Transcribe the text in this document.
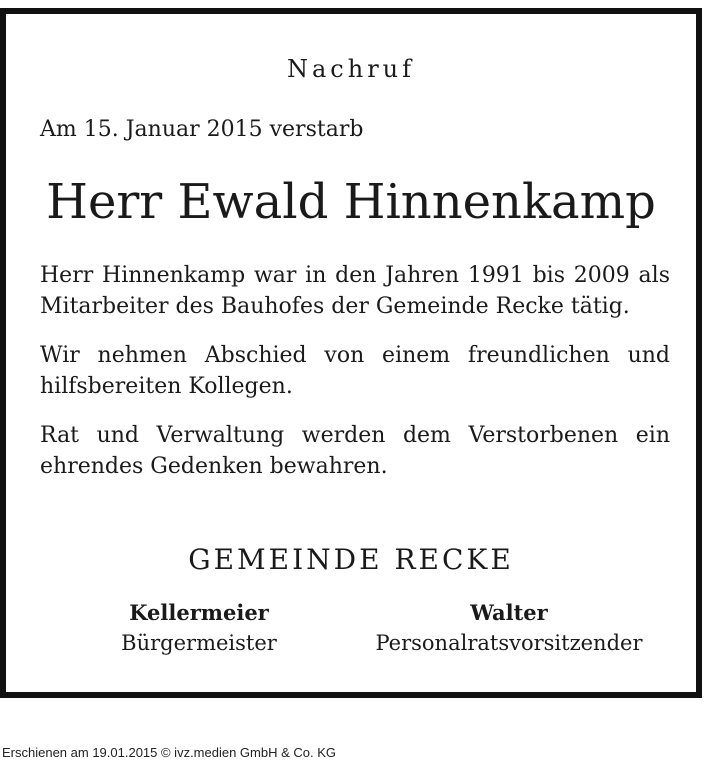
Nachruf

Am 15. Januar 2015 verstarb

Herr Ewald Hinnenkamp

Herr Hinnenkamp war in den Jahren 1991 bis 2009 als Mitarbeiter des Bauhofes der Gemeinde Recke tätig.

Wir nehmen Abschied von einem freundlichen und hilfsbereiten Kollegen.

Rat und Verwaltung werden dem Verstorbenen ein ehrendes Gedenken bewahren.

GEMEINDE RECKE
Kellermeier
Bürgermeister
Walter
Personalratsvorsitzender
Erschienen am 19.01.2015 © ivz.medien GmbH & Co. KG
